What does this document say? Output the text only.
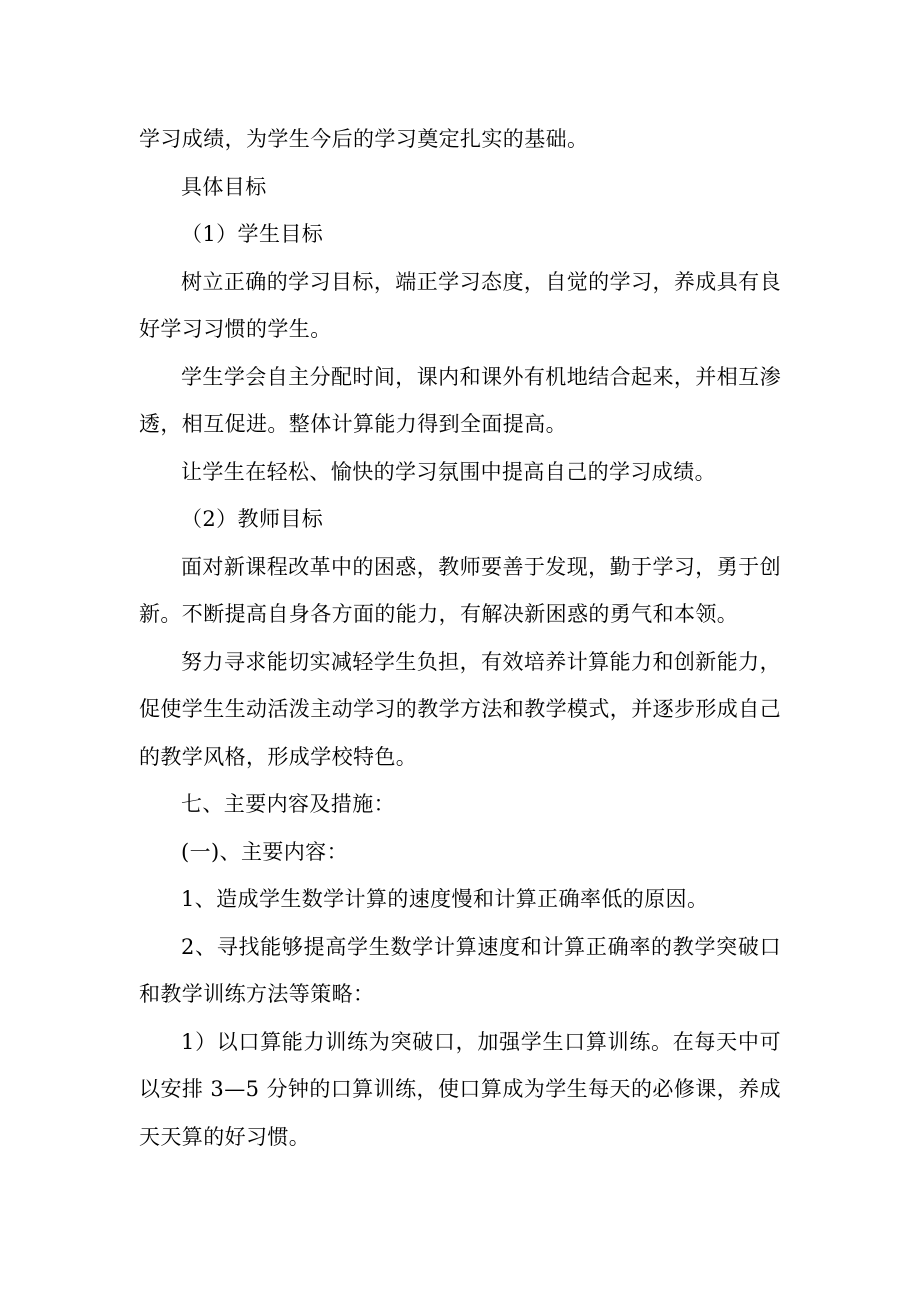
学习成绩，为学生今后的学习奠定扎实的基础。

具体目标

（1）学生目标

树立正确的学习目标，端正学习态度，自觉的学习，养成具有良好学习习惯的学生。

学生学会自主分配时间，课内和课外有机地结合起来，并相互渗透，相互促进。整体计算能力得到全面提高。

让学生在轻松、愉快的学习氛围中提高自己的学习成绩。

（2）教师目标

面对新课程改革中的困惑，教师要善于发现，勤于学习，勇于创新。不断提高自身各方面的能力，有解决新困惑的勇气和本领。

努力寻求能切实减轻学生负担，有效培养计算能力和创新能力，促使学生生动活泼主动学习的教学方法和教学模式，并逐步形成自己的教学风格，形成学校特色。

七、主要内容及措施：

(一)、主要内容：

1、造成学生数学计算的速度慢和计算正确率低的原因。

2、寻找能够提高学生数学计算速度和计算正确率的教学突破口和教学训练方法等策略：

1）以口算能力训练为突破口，加强学生口算训练。在每天中可以安排 3—5 分钟的口算训练，使口算成为学生每天的必修课，养成天天算的好习惯。
